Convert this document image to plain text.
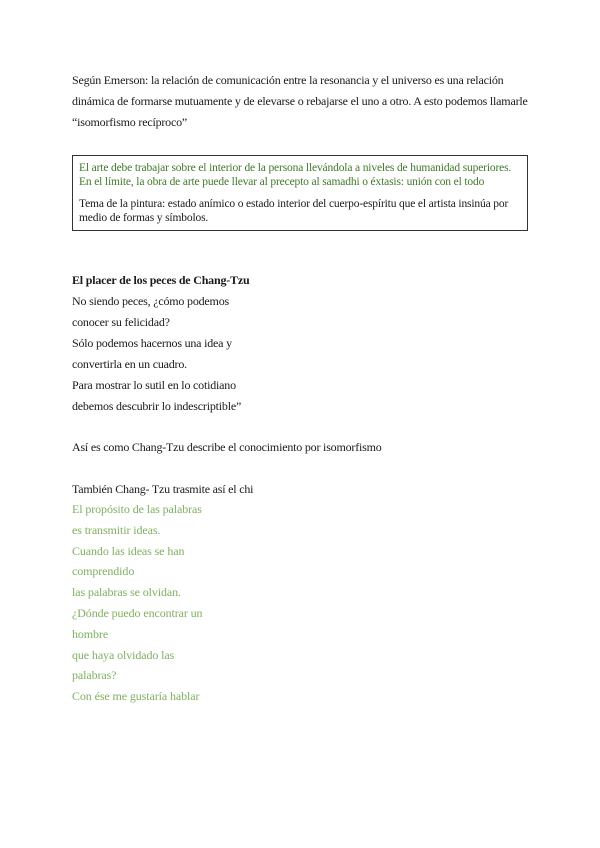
Según Emerson: la relación de comunicación entre la resonancia y el universo es una relación dinámica de formarse mutuamente y de elevarse o rebajarse el uno a otro. A esto podemos llamarle “isomorfismo recíproco”

El arte debe trabajar sobre el interior de la persona llevándola a niveles de humanidad superiores. En el límite, la obra de arte puede llevar al precepto al samadhi o éxtasis: unión con el todo

Tema de la pintura: estado anímico o estado interior del cuerpo-espíritu que el artista insinúa por medio de formas y símbolos.

El placer de los peces de Chang-Tzu
No siendo peces, ¿cómo podemos
conocer su felicidad?
Sólo podemos hacernos una idea y
convertirla en un cuadro.
Para mostrar lo sutil en lo cotidiano
debemos descubrir lo indescriptible”

Así es como Chang-Tzu describe el conocimiento por isomorfismo

También Chang- Tzu trasmite así el chi

El propósito de las palabras
es transmitir ideas.
Cuando las ideas se han
comprendido
las palabras se olvidan.
¿Dónde puedo encontrar un
hombre
que haya olvidado las
palabras?
Con ése me gustaría hablar
